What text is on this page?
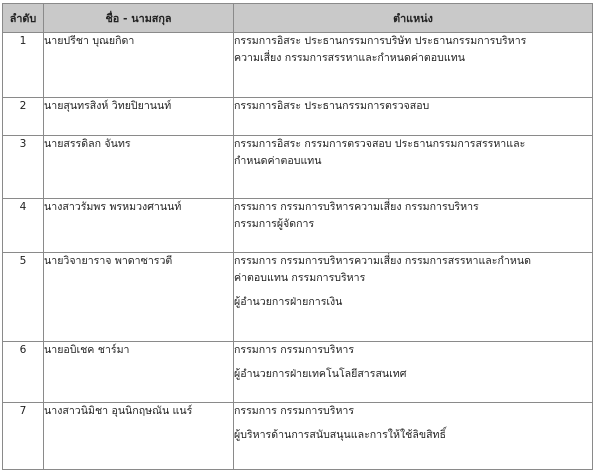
ลำดับ	ชื่อ - นามสกุล	ตำแหน่ง
1	นายปรีชา บุณยกิดา	กรรมการอิสระ ประธานกรรมการบริษัท ประธานกรรมการบริหาร
ความเสี่ยง กรรมการสรรหาและกำหนดค่าตอบแทน

2	นายสุนทรสิงห์ วิทยปิยานนท์	กรรมการอิสระ ประธานกรรมการตรวจสอบ

3	นายสรรดิลก จันทร	กรรมการอิสระ กรรมการตรวจสอบ ประธานกรรมการสรรหาและ
กำหนดค่าตอบแทน

4	นางสาวรัมพร พรหมวงศานนท์	กรรมการ กรรมการบริหารความเสี่ยง กรรมการบริหาร
กรรมการผู้จัดการ

5	นายวิจายาราจ พาดาซารวตี	กรรมการ กรรมการบริหารความเสี่ยง กรรมการสรรหาและกำหนด
ค่าตอบแทน กรรมการบริหาร
ผู้อำนวยการฝ่ายการเงิน

6	นายอบิเชค ชาร์มา	กรรมการ กรรมการบริหาร
ผู้อำนวยการฝ่ายเทคโนโลยีสารสนเทศ

7	นางสาวนิมิชา อุนนิกฤษณัน แนร์	กรรมการ กรรมการบริหาร
ผู้บริหารด้านการสนับสนุนและการให้ใช้ลิขสิทธิ์
